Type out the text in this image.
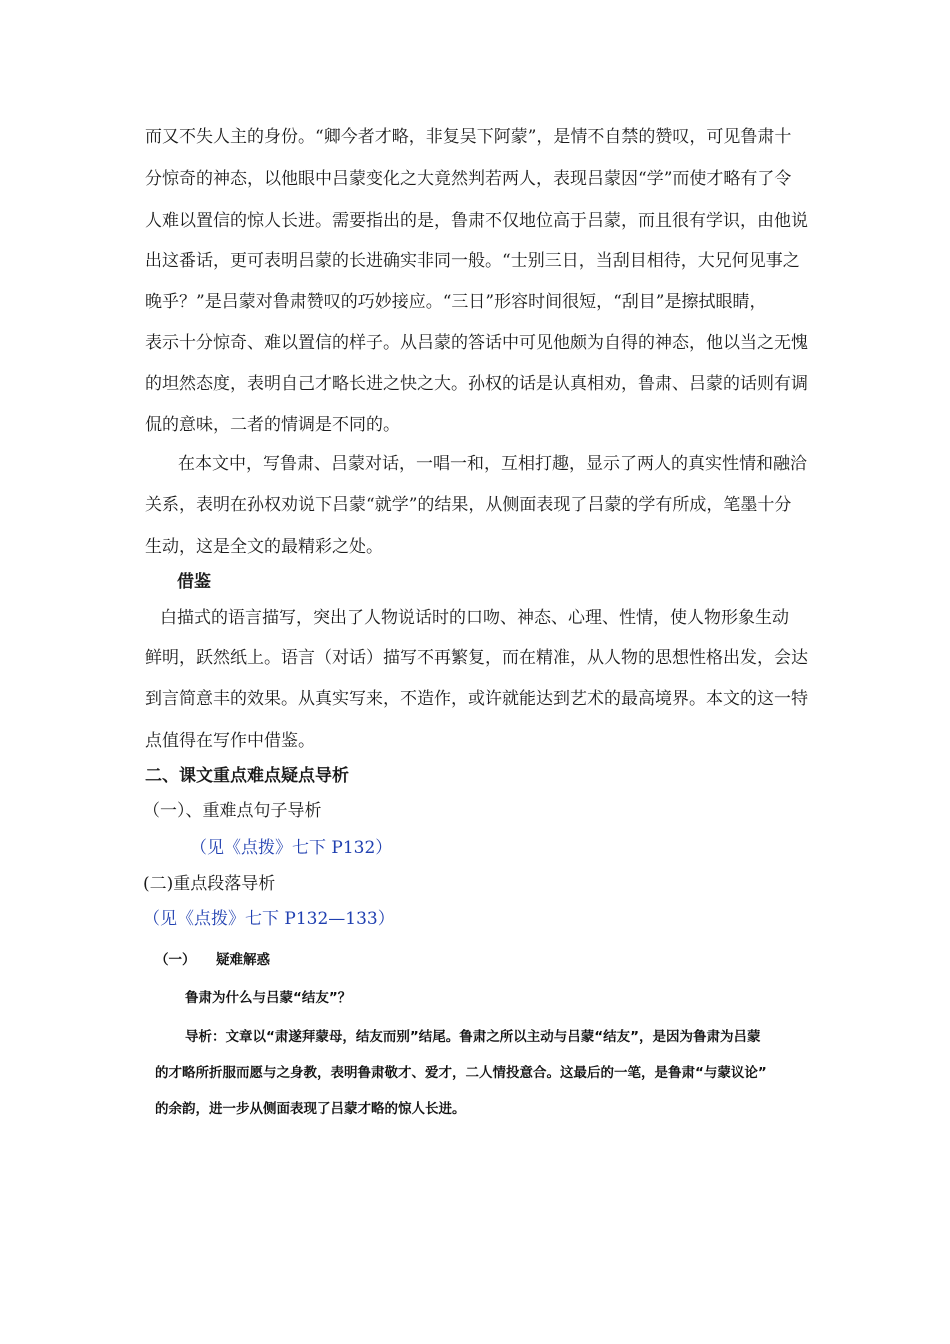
而又不失人主的身份。“卿今者才略，非复吴下阿蒙”，是情不自禁的赞叹，可见鲁肃十
分惊奇的神态，以他眼中吕蒙变化之大竟然判若两人，表现吕蒙因“学”而使才略有了令
人难以置信的惊人长进。需要指出的是，鲁肃不仅地位高于吕蒙，而且很有学识，由他说
出这番话，更可表明吕蒙的长进确实非同一般。“士别三日，当刮目相待，大兄何见事之
晚乎？”是吕蒙对鲁肃赞叹的巧妙接应。“三日”形容时间很短，“刮目”是擦拭眼睛，
表示十分惊奇、难以置信的样子。从吕蒙的答话中可见他颇为自得的神态，他以当之无愧
的坦然态度，表明自己才略长进之快之大。孙权的话是认真相劝，鲁肃、吕蒙的话则有调
侃的意味，二者的情调是不同的。
在本文中，写鲁肃、吕蒙对话，一唱一和，互相打趣，显示了两人的真实性情和融洽
关系，表明在孙权劝说下吕蒙“就学”的结果，从侧面表现了吕蒙的学有所成，笔墨十分
生动，这是全文的最精彩之处。
借鉴
白描式的语言描写，突出了人物说话时的口吻、神态、心理、性情，使人物形象生动
鲜明，跃然纸上。语言（对话）描写不再繁复，而在精准，从人物的思想性格出发，会达
到言简意丰的效果。从真实写来，不造作，或许就能达到艺术的最高境界。本文的这一特
点值得在写作中借鉴。
二、课文重点难点疑点导析
（一）、重难点句子导析
（见《点拨》七下 P132）
(二)重点段落导析
（见《点拨》七下 P132—133）
（一） 疑难解惑
鲁肃为什么与吕蒙“结友”？
导析：文章以“肃遂拜蒙母，结友而别”结尾。鲁肃之所以主动与吕蒙“结友”，是因为鲁肃为吕蒙
的才略所折服而愿与之身教，表明鲁肃敬才、爱才，二人情投意合。这最后的一笔，是鲁肃“与蒙议论”
的余韵，进一步从侧面表现了吕蒙才略的惊人长进。
